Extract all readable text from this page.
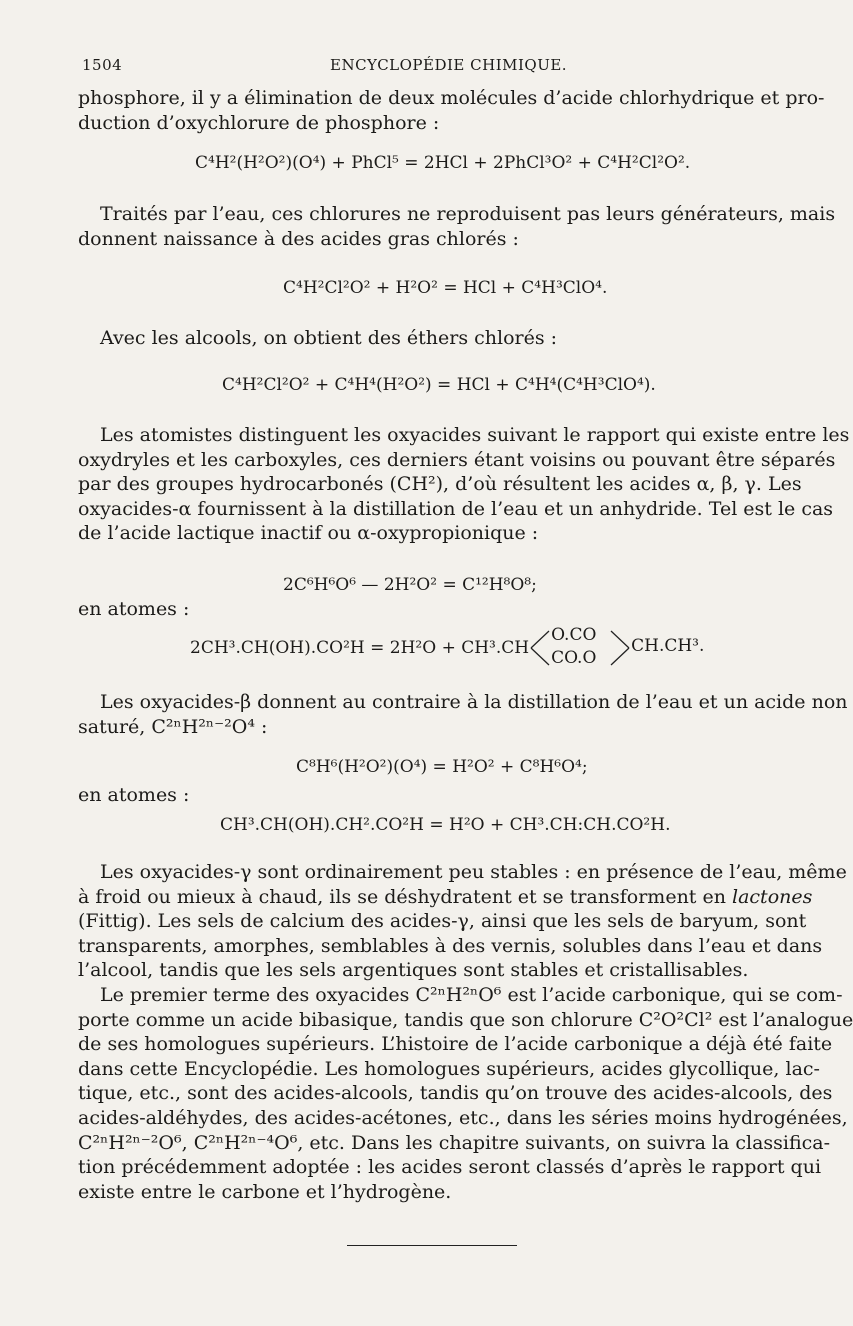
1504	ENCYCLOPÉDIE CHIMIQUE.
phosphore, il y a élimination de deux molécules d’acide chlorhydrique et pro-
duction d’oxychlorure de phosphore :
C⁴H²(H²O²)(O⁴) + PhCl⁵ = 2HCl + 2PhCl³O² + C⁴H²Cl²O².
Traités par l’eau, ces chlorures ne reproduisent pas leurs générateurs, mais
donnent naissance à des acides gras chlorés :
C⁴H²Cl²O² + H²O² = HCl + C⁴H³ClO⁴.
Avec les alcools, on obtient des éthers chlorés :
C⁴H²Cl²O² + C⁴H⁴(H²O²) = HCl + C⁴H⁴(C⁴H³ClO⁴).
Les atomistes distinguent les oxyacides suivant le rapport qui existe entre les
oxydryles et les carboxyles, ces derniers étant voisins ou pouvant être séparés
par des groupes hydrocarbonés (CH²), d’où résultent les acides α, β, γ. Les
oxyacides-α fournissent à la distillation de l’eau et un anhydride. Tel est le cas
de l’acide lactique inactif ou α-oxypropionique :
2C⁶H⁶O⁶ — 2H²O² = C¹²H⁸O⁸;
en atomes :
2CH³.CH(OH).CO²H = 2H²O + CH³.CH
O.CO
CO.O
CH.CH³.
Les oxyacides-β donnent au contraire à la distillation de l’eau et un acide non
saturé, C²ⁿH²ⁿ⁻²O⁴ :
C⁸H⁶(H²O²)(O⁴) = H²O² + C⁸H⁶O⁴;
en atomes :
CH³.CH(OH).CH².CO²H = H²O + CH³.CH:CH.CO²H.
Les oxyacides-γ sont ordinairement peu stables : en présence de l’eau, même
à froid ou mieux à chaud, ils se déshydratent et se transforment en lactones
(Fittig). Les sels de calcium des acides-γ, ainsi que les sels de baryum, sont
transparents, amorphes, semblables à des vernis, solubles dans l’eau et dans
l’alcool, tandis que les sels argentiques sont stables et cristallisables.
Le premier terme des oxyacides C²ⁿH²ⁿO⁶ est l’acide carbonique, qui se com-
porte comme un acide bibasique, tandis que son chlorure C²O²Cl² est l’analogue
de ses homologues supérieurs. L’histoire de l’acide carbonique a déjà été faite
dans cette Encyclopédie. Les homologues supérieurs, acides glycollique, lac-
tique, etc., sont des acides-alcools, tandis qu’on trouve des acides-alcools, des
acides-aldéhydes, des acides-acétones, etc., dans les séries moins hydrogénées,
C²ⁿH²ⁿ⁻²O⁶, C²ⁿH²ⁿ⁻⁴O⁶, etc. Dans les chapitre suivants, on suivra la classifica-
tion précédemment adoptée : les acides seront classés d’après le rapport qui
existe entre le carbone et l’hydrogène.
